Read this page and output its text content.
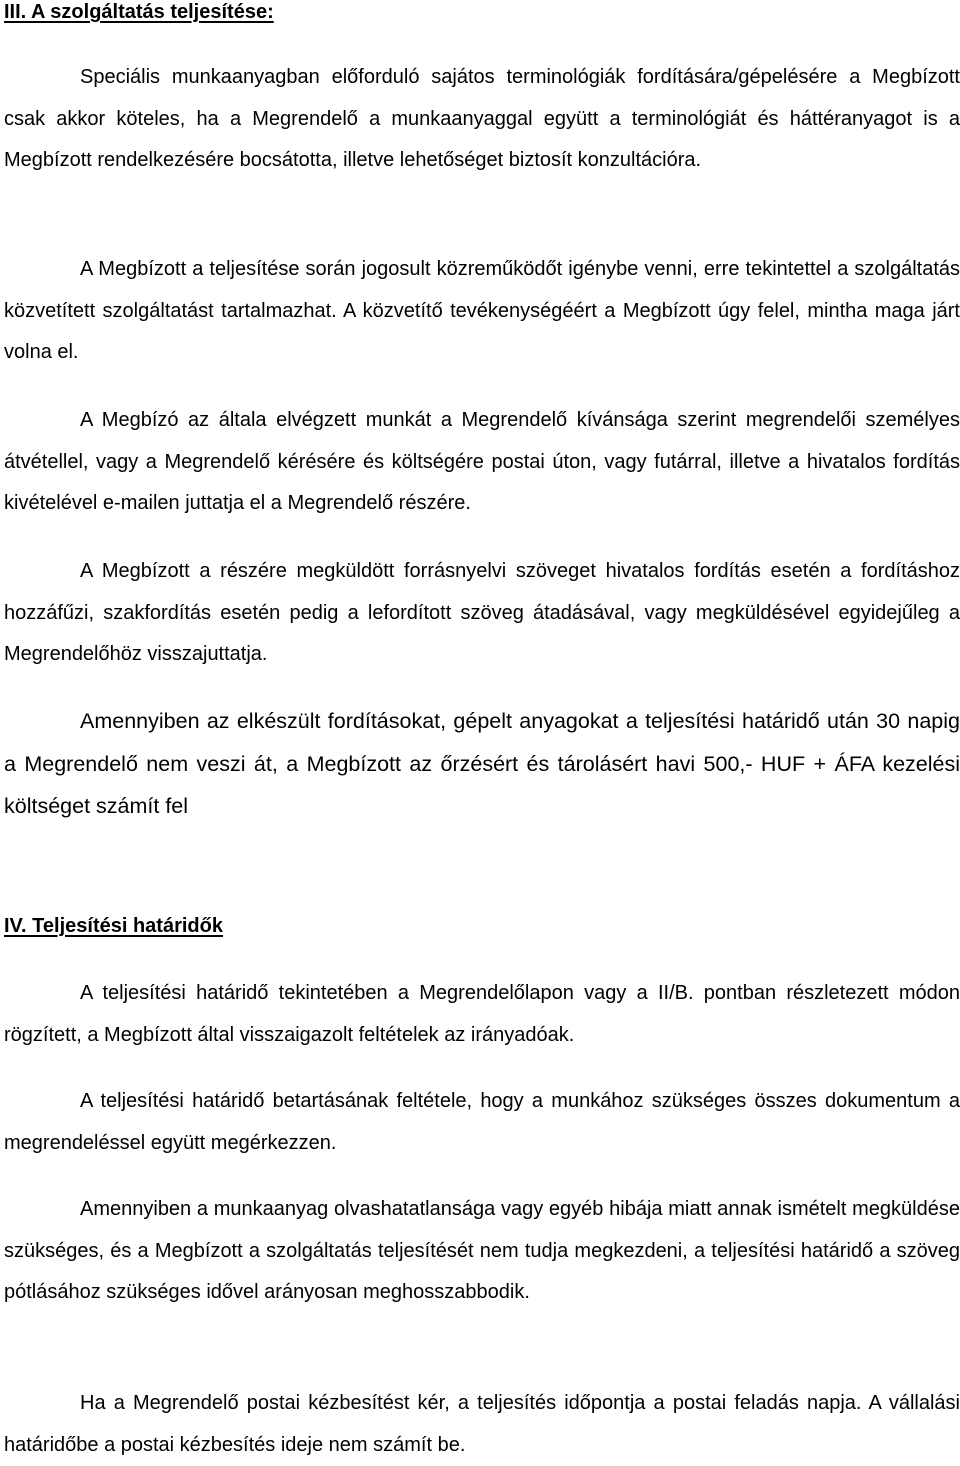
III. A szolgáltatás teljesítése:

Speciális munkaanyagban előforduló sajátos terminológiák fordítására/gépelésére a Megbízott csak akkor köteles, ha a Megrendelő a munkaanyaggal együtt a terminológiát és háttéranyagot is a Megbízott rendelkezésére bocsátotta, illetve lehetőséget biztosít konzultációra.

A Megbízott a teljesítése során jogosult közreműködőt igénybe venni, erre tekintettel a szolgáltatás közvetített szolgáltatást tartalmazhat. A közvetítő tevékenységéért a Megbízott úgy felel, mintha maga járt volna el.

A Megbízó az általa elvégzett munkát a Megrendelő kívánsága szerint megrendelői személyes átvétellel, vagy a Megrendelő kérésére és költségére postai úton, vagy futárral, illetve a hivatalos fordítás kivételével e-mailen juttatja el a Megrendelő részére.

A Megbízott a részére megküldött forrásnyelvi szöveget hivatalos fordítás esetén a fordításhoz hozzáfűzi, szakfordítás esetén pedig a lefordított szöveg átadásával, vagy megküldésével egyidejűleg a Megrendelőhöz visszajuttatja.

Amennyiben az elkészült fordításokat, gépelt anyagokat a teljesítési határidő után 30 napig a Megrendelő nem veszi át, a Megbízott az őrzésért és tárolásért havi 500,- HUF + ÁFA kezelési költséget számít fel

IV. Teljesítési határidők

A teljesítési határidő tekintetében a Megrendelőlapon vagy a II/B. pontban részletezett módon rögzített, a Megbízott által visszaigazolt feltételek az irányadóak.

A teljesítési határidő betartásának feltétele, hogy a munkához szükséges összes dokumentum a megrendeléssel együtt megérkezzen.

Amennyiben a munkaanyag olvashatatlansága vagy egyéb hibája miatt annak ismételt megküldése szükséges, és a Megbízott a szolgáltatás teljesítését nem tudja megkezdeni, a teljesítési határidő a szöveg pótlásához szükséges idővel arányosan meghosszabbodik.

Ha a Megrendelő postai kézbesítést kér, a teljesítés időpontja a postai feladás napja. A vállalási határidőbe a postai kézbesítés ideje nem számít be.
